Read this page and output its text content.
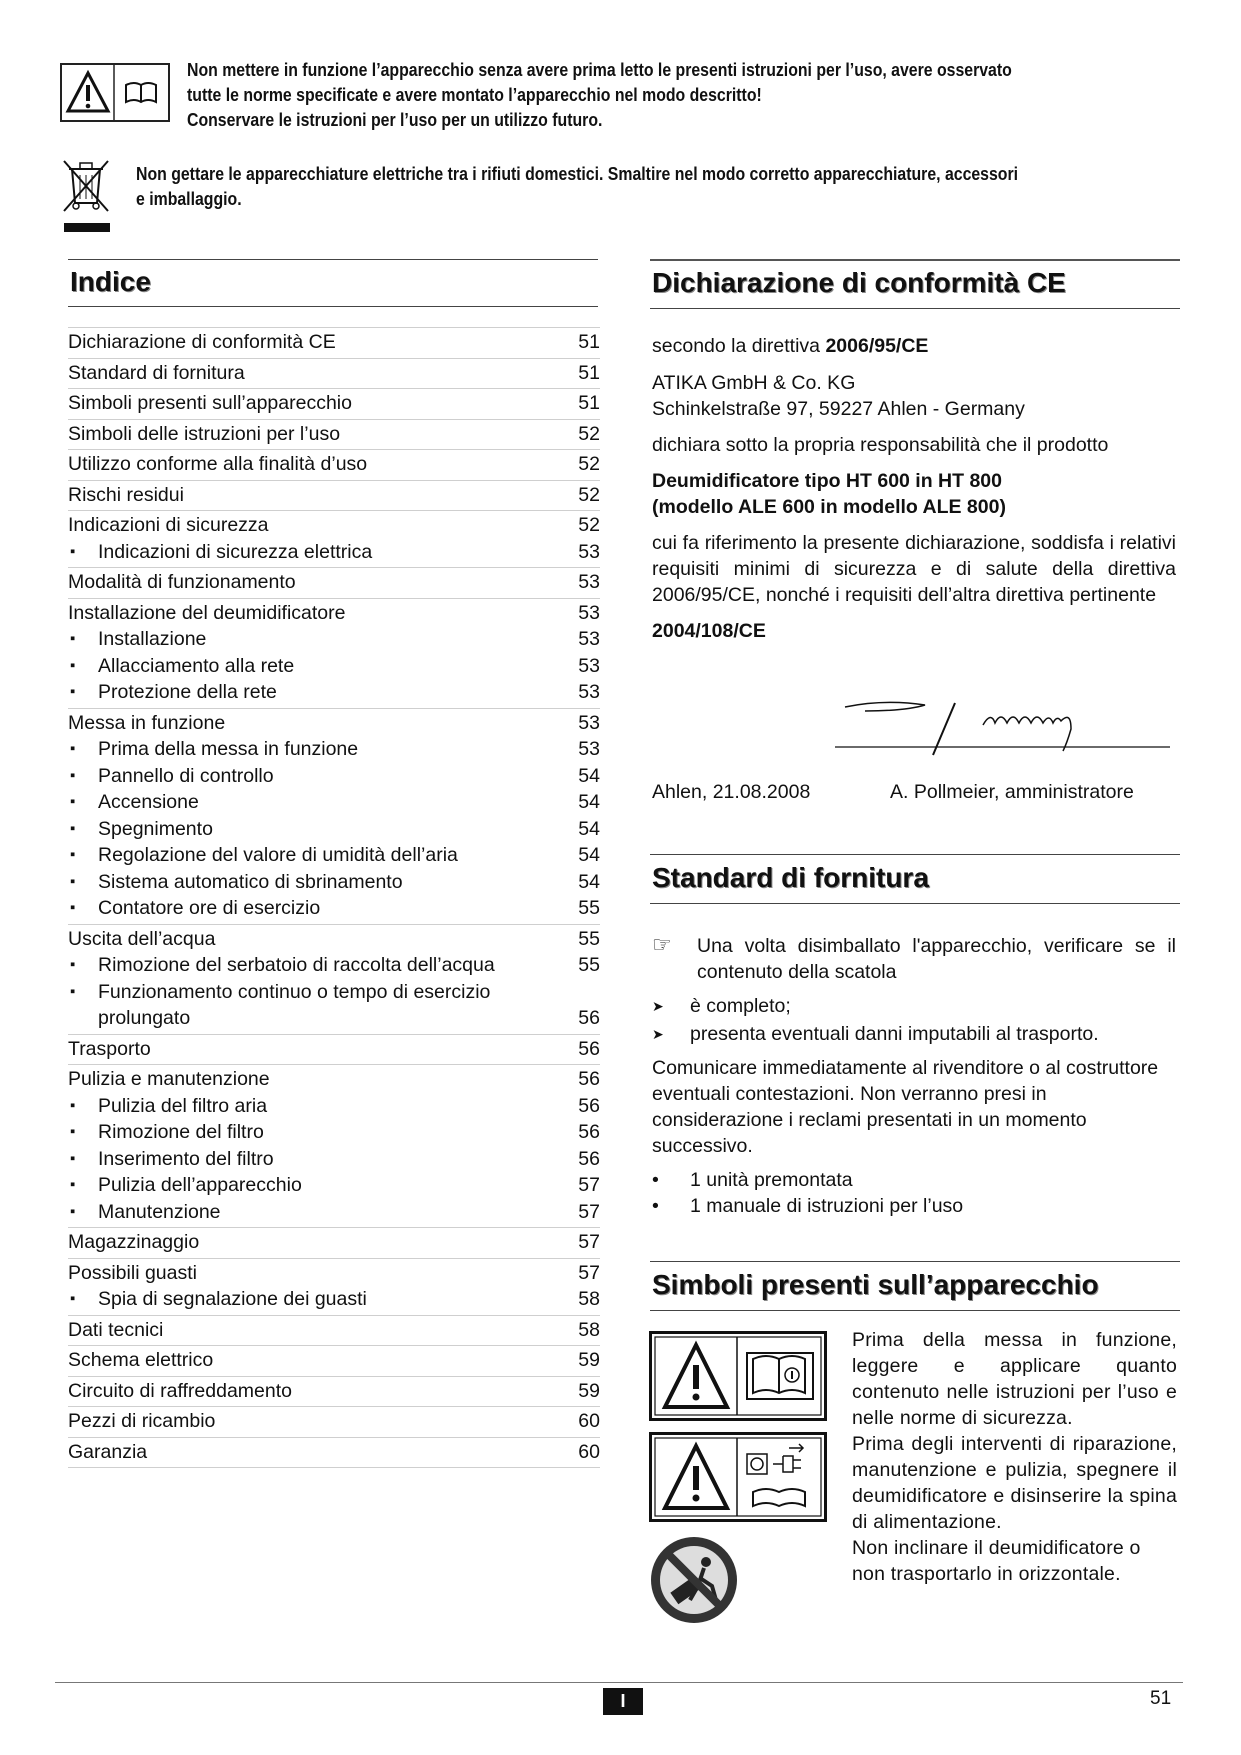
Non mettere in funzione l’apparecchio senza avere prima letto le presenti istruzioni per l’uso, avere osservato
tutte le norme specificate e avere montato l’apparecchio nel modo descritto!
Conservare le istruzioni per l’uso per un utilizzo futuro.
Non gettare le apparecchiature elettriche tra i rifiuti domestici. Smaltire nel modo corretto apparecchiature, accessori
e imballaggio.
Indice
Dichiarazione di conformità CE	51
Standard di fornitura	51
Simboli presenti sull’apparecchio	51
Simboli delle istruzioni per l’uso	52
Utilizzo conforme alla finalità d’uso	52
Rischi residui	52
Indicazioni di sicurezza	52
▪ Indicazioni di sicurezza elettrica	53
Modalità di funzionamento	53
Installazione del deumidificatore	53
▪ Installazione	53
▪ Allacciamento alla rete	53
▪ Protezione della rete	53
Messa in funzione	53
▪ Prima della messa in funzione	53
▪ Pannello di controllo	54
▪ Accensione	54
▪ Spegnimento	54
▪ Regolazione del valore di umidità dell’aria	54
▪ Sistema automatico di sbrinamento	54
▪ Contatore ore di esercizio	55
Uscita dell’acqua	55
▪ Rimozione del serbatoio di raccolta dell’acqua	55
▪ Funzionamento continuo o tempo di esercizio
prolungato	56
Trasporto	56
Pulizia e manutenzione	56
▪ Pulizia del filtro aria	56
▪ Rimozione del filtro	56
▪ Inserimento del filtro	56
▪ Pulizia dell’apparecchio	57
▪ Manutenzione	57
Magazzinaggio	57
Possibili guasti	57
▪ Spia di segnalazione dei guasti	58
Dati tecnici	58
Schema elettrico	59
Circuito di raffreddamento	59
Pezzi di ricambio	60
Garanzia	60
Dichiarazione di conformità CE
secondo la direttiva 2006/95/CE
ATIKA GmbH & Co. KG
Schinkelstraße 97, 59227 Ahlen - Germany
dichiara sotto la propria responsabilità che il prodotto
Deumidificatore tipo HT 600 in HT 800
(modello ALE 600 in modello ALE 800)
cui fa riferimento la presente dichiarazione, soddisfa i relativi requisiti minimi di sicurezza e di salute della direttiva 2006/95/CE, nonché i requisiti dell’altra direttiva pertinente
2004/108/CE
Ahlen, 21.08.2008	A. Pollmeier, amministratore
Standard di fornitura
☞	Una volta disimballato l'apparecchio, verificare se il contenuto della scatola
➤	è completo;
➤	presenta eventuali danni imputabili al trasporto.
Comunicare immediatamente al rivenditore o al costruttore eventuali contestazioni. Non verranno presi in considerazione i reclami presentati in un momento successivo.
•	1 unità premontata
•	1 manuale di istruzioni per l’uso
Simboli presenti sull’apparecchio
Prima della messa in funzione, leggere e applicare quanto contenuto nelle istruzioni per l’uso e nelle norme di sicurezza.
Prima degli interventi di riparazione, manutenzione e pulizia, spegnere il deumidificatore e disinserire la spina di alimentazione.
Non inclinare il deumidificatore o non trasportarlo in orizzontale.
I	51
